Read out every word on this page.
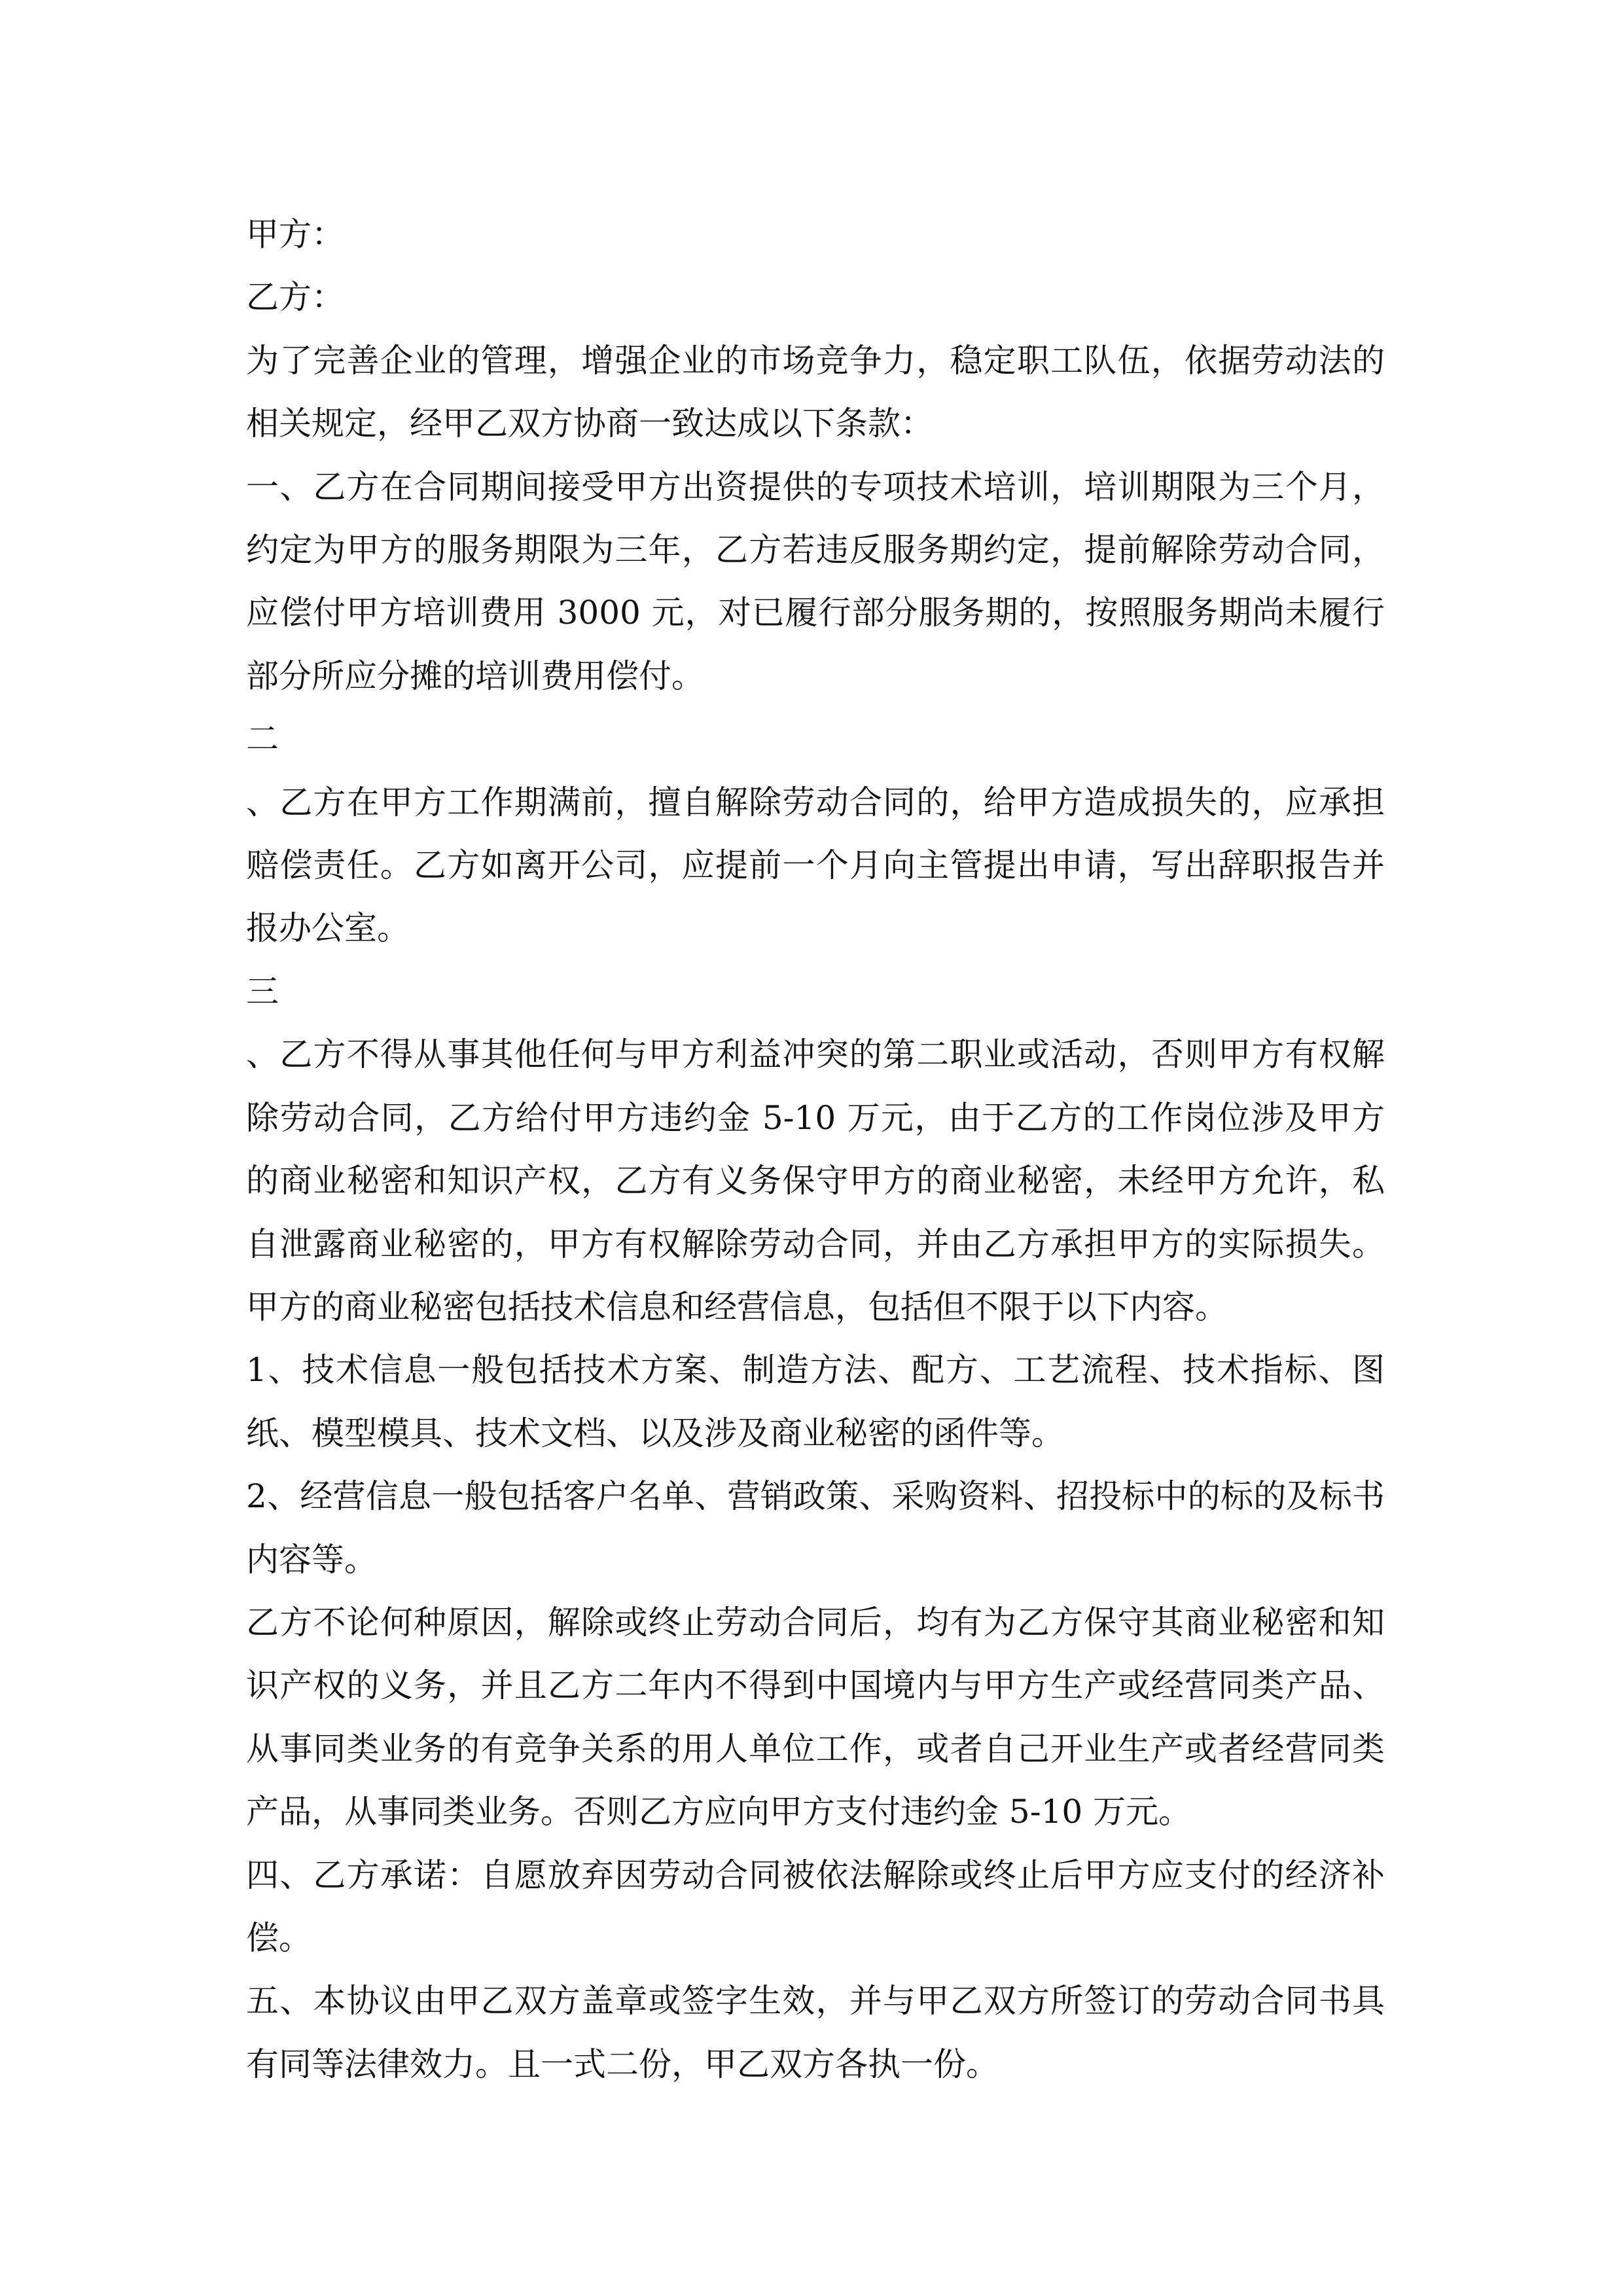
甲方：

乙方：

为了完善企业的管理，增强企业的市场竞争力，稳定职工队伍，依据劳动法的相关规定，经甲乙双方协商一致达成以下条款：

一、乙方在合同期间接受甲方出资提供的专项技术培训，培训期限为三个月，约定为甲方的服务期限为三年，乙方若违反服务期约定，提前解除劳动合同，应偿付甲方培训费用 3000 元，对已履行部分服务期的，按照服务期尚未履行部分所应分摊的培训费用偿付。

二

、乙方在甲方工作期满前，擅自解除劳动合同的，给甲方造成损失的，应承担赔偿责任。乙方如离开公司，应提前一个月向主管提出申请，写出辞职报告并报办公室。

三

、乙方不得从事其他任何与甲方利益冲突的第二职业或活动，否则甲方有权解除劳动合同，乙方给付甲方违约金 5-10 万元，由于乙方的工作岗位涉及甲方的商业秘密和知识产权，乙方有义务保守甲方的商业秘密，未经甲方允许，私自泄露商业秘密的，甲方有权解除劳动合同，并由乙方承担甲方的实际损失。甲方的商业秘密包括技术信息和经营信息，包括但不限于以下内容。

1、技术信息一般包括技术方案、制造方法、配方、工艺流程、技术指标、图纸、模型模具、技术文档、以及涉及商业秘密的函件等。

2、经营信息一般包括客户名单、营销政策、采购资料、招投标中的标的及标书内容等。

乙方不论何种原因，解除或终止劳动合同后，均有为乙方保守其商业秘密和知识产权的义务，并且乙方二年内不得到中国境内与甲方生产或经营同类产品、从事同类业务的有竞争关系的用人单位工作，或者自己开业生产或者经营同类产品，从事同类业务。否则乙方应向甲方支付违约金 5-10 万元。

四、乙方承诺：自愿放弃因劳动合同被依法解除或终止后甲方应支付的经济补偿。

五、本协议由甲乙双方盖章或签字生效，并与甲乙双方所签订的劳动合同书具有同等法律效力。且一式二份，甲乙双方各执一份。
